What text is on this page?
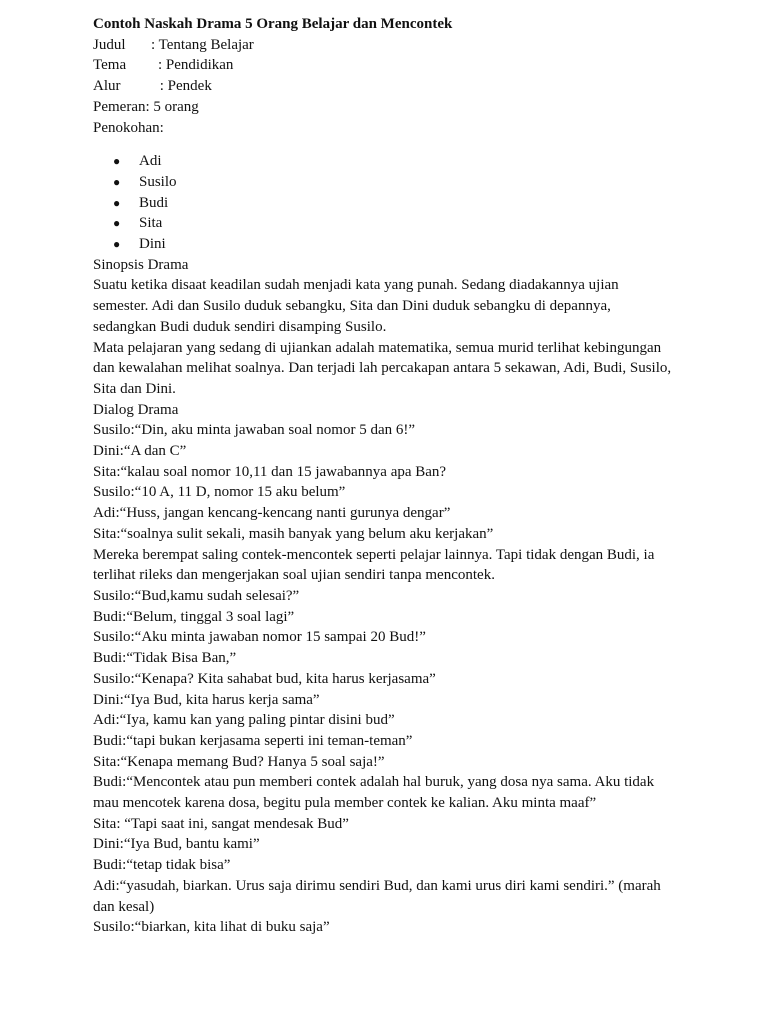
Contoh Naskah Drama 5 Orang Belajar dan Mencontek
Judul	: Tentang Belajar
Tema	: Pendidikan
Alur	: Pendek
Pemeran: 5 orang
Penokohan:
● Adi
● Susilo
● Budi
● Sita
● Dini
Sinopsis Drama
Suatu ketika disaat keadilan sudah menjadi kata yang punah. Sedang diadakannya ujian semester. Adi dan Susilo duduk sebangku, Sita dan Dini duduk sebangku di depannya, sedangkan Budi duduk sendiri disamping Susilo.
Mata pelajaran yang sedang di ujiankan adalah matematika, semua murid terlihat kebingungan dan kewalahan melihat soalnya. Dan terjadi lah percakapan antara 5 sekawan, Adi, Budi, Susilo, Sita dan Dini.
Dialog Drama
Susilo:“Din, aku minta jawaban soal nomor 5 dan 6!”
Dini:“A dan C”
Sita:“kalau soal nomor 10,11 dan 15 jawabannya apa Ban?
Susilo:“10 A, 11 D, nomor 15 aku belum”
Adi:“Huss, jangan kencang-kencang nanti gurunya dengar”
Sita:“soalnya sulit sekali, masih banyak yang belum aku kerjakan”
Mereka berempat saling contek-mencontek seperti pelajar lainnya. Tapi tidak dengan Budi, ia terlihat rileks dan mengerjakan soal ujian sendiri tanpa mencontek.
Susilo:“Bud,kamu sudah selesai?”
Budi:“Belum, tinggal 3 soal lagi”
Susilo:“Aku minta jawaban nomor 15 sampai 20 Bud!”
Budi:“Tidak Bisa Ban,”
Susilo:“Kenapa? Kita sahabat bud, kita harus kerjasama”
Dini:“Iya Bud, kita harus kerja sama”
Adi:“Iya, kamu kan yang paling pintar disini bud”
Budi:“tapi bukan kerjasama seperti ini teman-teman”
Sita:“Kenapa memang Bud? Hanya 5 soal saja!”
Budi:“Mencontek atau pun memberi contek adalah hal buruk, yang dosa nya sama. Aku tidak mau mencotek karena dosa, begitu pula member contek ke kalian. Aku minta maaf”
Sita: “Tapi saat ini, sangat mendesak Bud”
Dini:“Iya Bud, bantu kami”
Budi:“tetap tidak bisa”
Adi:“yasudah, biarkan. Urus saja dirimu sendiri Bud, dan kami urus diri kami sendiri.” (marah dan kesal)
Susilo:“biarkan, kita lihat di buku saja”
